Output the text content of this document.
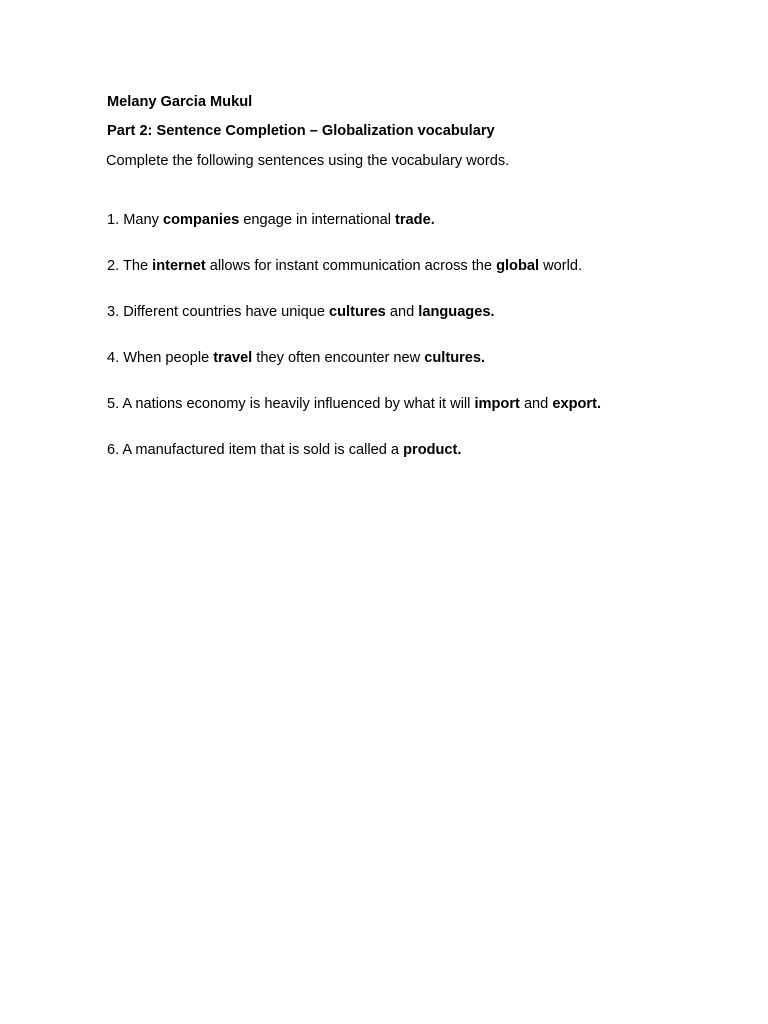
Melany Garcia Mukul
Part 2: Sentence Completion – Globalization vocabulary
Complete the following sentences using the vocabulary words.
1. Many companies engage in international trade.
2. The internet allows for instant communication across the global world.
3. Different countries have unique cultures and languages.
4. When people travel they often encounter new cultures.
5. A nations economy is heavily influenced by what it will import and export.
6. A manufactured item that is sold is called a product.
